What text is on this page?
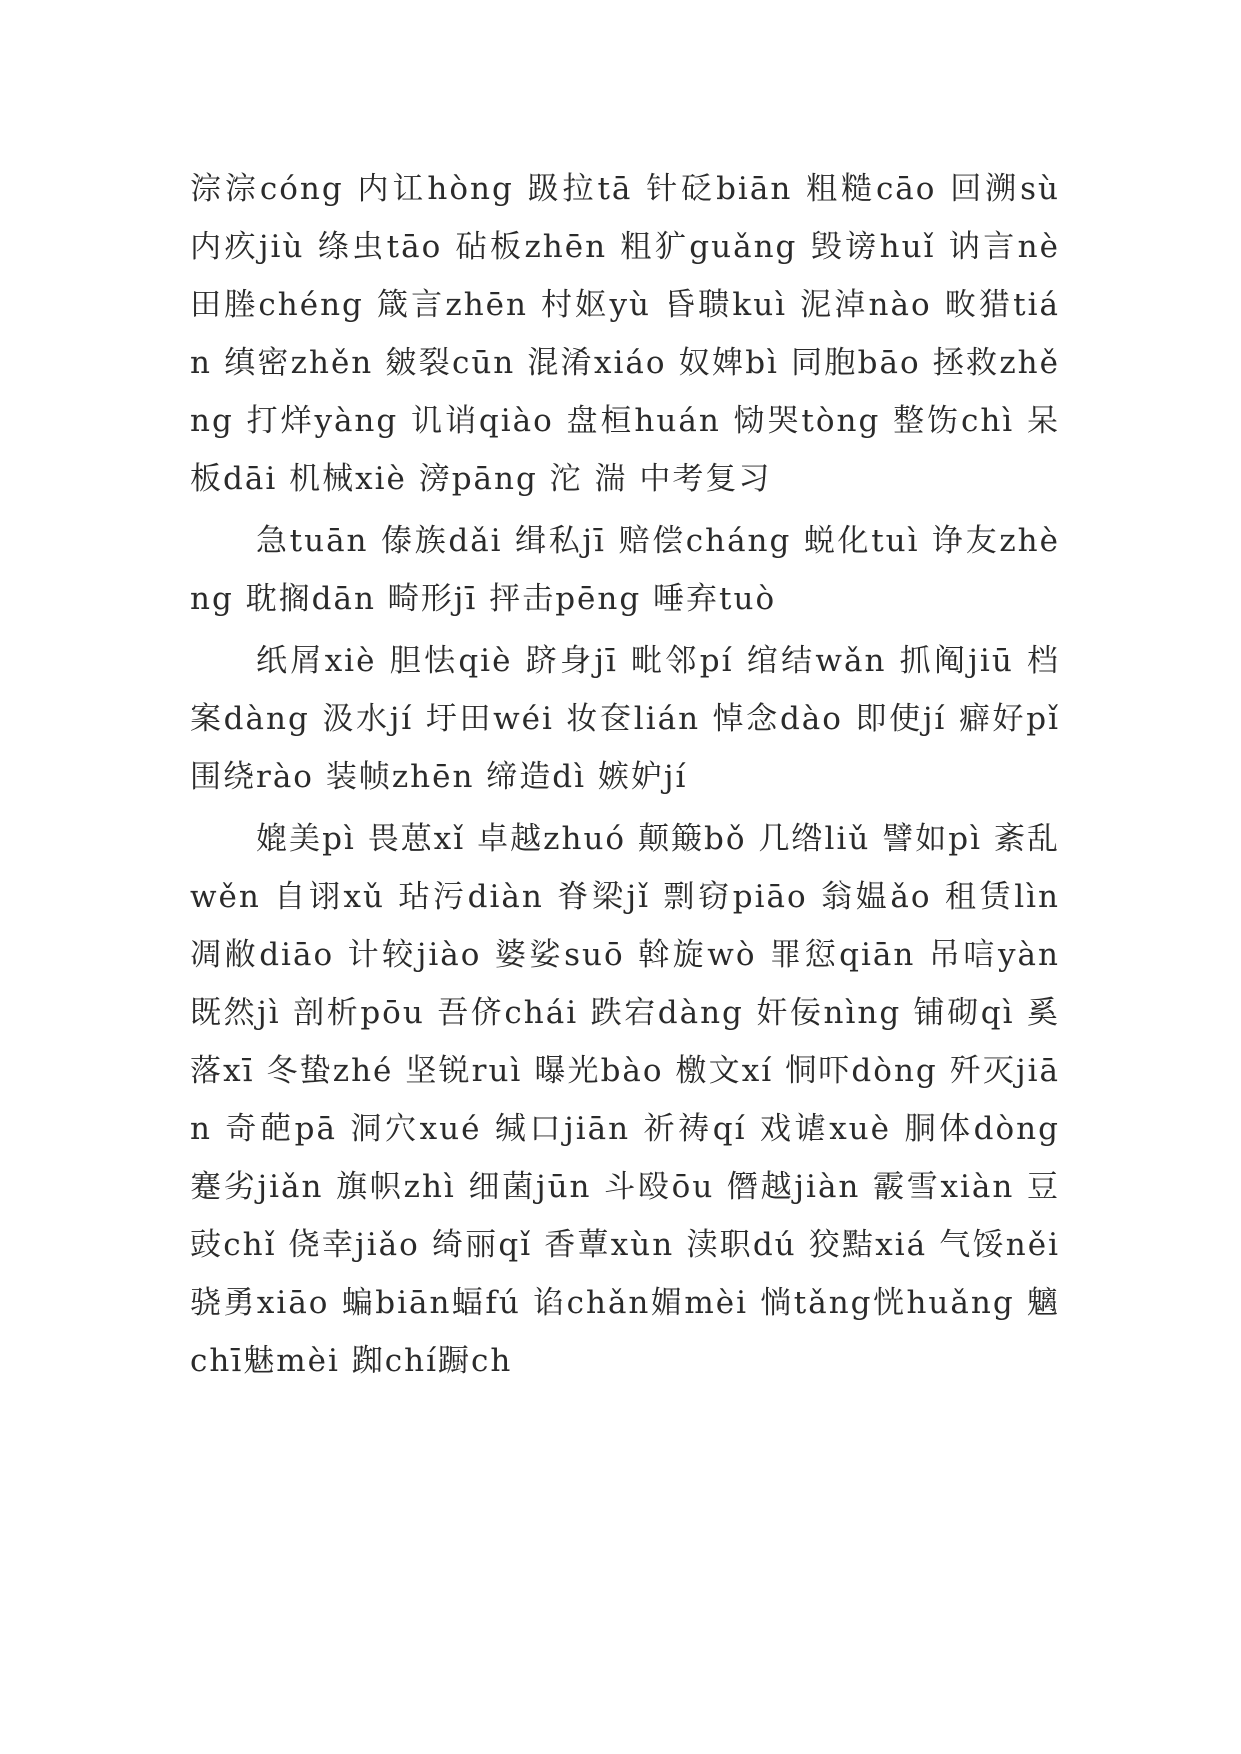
淙淙cóng 内讧hòng 趿拉tā 针砭biān 粗糙cāo 回溯sù 内疚jiù 绦虫tāo 砧板zhēn 粗犷guǎng 毁谤huǐ 讷言nè 田塍chéng 箴言zhēn 村妪yù 昏聩kuì 泥淖nào 畋猎tián 缜密zhěn 皴裂cūn 混淆xiáo 奴婢bì 同胞bāo 拯救zhěng 打烊yàng 讥诮qiào 盘桓huán 恸哭tòng 整饬chì 呆板dāi 机械xiè 滂pāng 沱 湍 中考复习

急tuān 傣族dǎi 缉私jī 赔偿cháng 蜕化tuì 诤友zhèng 耽搁dān 畸形jī 抨击pēng 唾弃tuò

纸屑xiè 胆怯qiè 跻身jī 毗邻pí 绾结wǎn 抓阄jiū 档案dàng 汲水jí 圩田wéi 妆奁lián 悼念dào 即使jí 癖好pǐ 围绕rào 装帧zhēn 缔造dì 嫉妒jí

媲美pì 畏葸xǐ 卓越zhuó 颠簸bǒ 几绺liǔ 譬如pì 紊乱wěn 自诩xǔ 玷污diàn 脊梁jǐ 剽窃piāo 翁媪ǎo 租赁lìn 凋敝diāo 计较jiào 婆娑suō 斡旋wò 罪愆qiān 吊唁yàn 既然jì 剖析pōu 吾侪chái 跌宕dàng 奸佞nìng 铺砌qì 奚落xī 冬蛰zhé 坚锐ruì 曝光bào 檄文xí 恫吓dòng 歼灭jiān 奇葩pā 洞穴xué 缄口jiān 祈祷qí 戏谑xuè 胴体dòng 蹇劣jiǎn 旗帜zhì 细菌jūn 斗殴ōu 僭越jiàn 霰雪xiàn 豆豉chǐ 侥幸jiǎo 绮丽qǐ 香蕈xùn 渎职dú 狡黠xiá 气馁něi 骁勇xiāo 蝙biān蝠fú 谄chǎn媚mèi 惝tǎng恍huǎng 魑chī魅mèi 踟chí蹰ch
